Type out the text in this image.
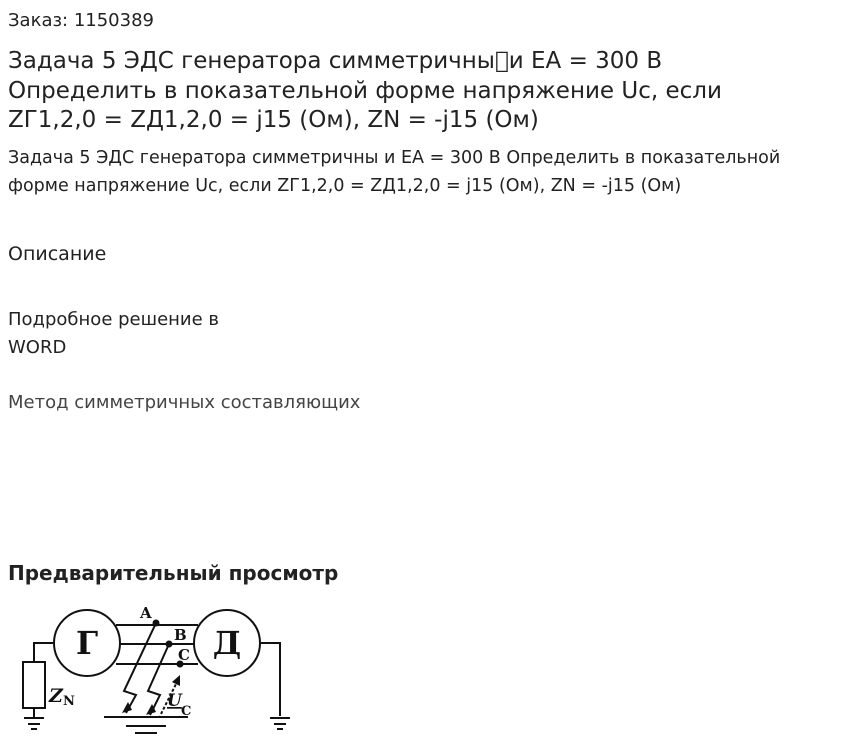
Заказ: 1150389
Задача 5 ЭДС генератора симметричны и ЕА = 300 В
Определить в показательной форме напряжение Uc, если
ZГ1,2,0 = ZД1,2,0 = j15 (Ом), ZN = -j15 (Ом)

Задача 5 ЭДС генератора симметричны и ЕА = 300 В Определить в показательной форме напряжение Uc, если ZГ1,2,0 = ZД1,2,0 = j15 (Ом), ZN = -j15 (Ом)

Описание
Подробное решение в
WORD
Метод симметричных составляющих
Предварительный просмотр
Г	Д
A
B
C
Z N	U
C
